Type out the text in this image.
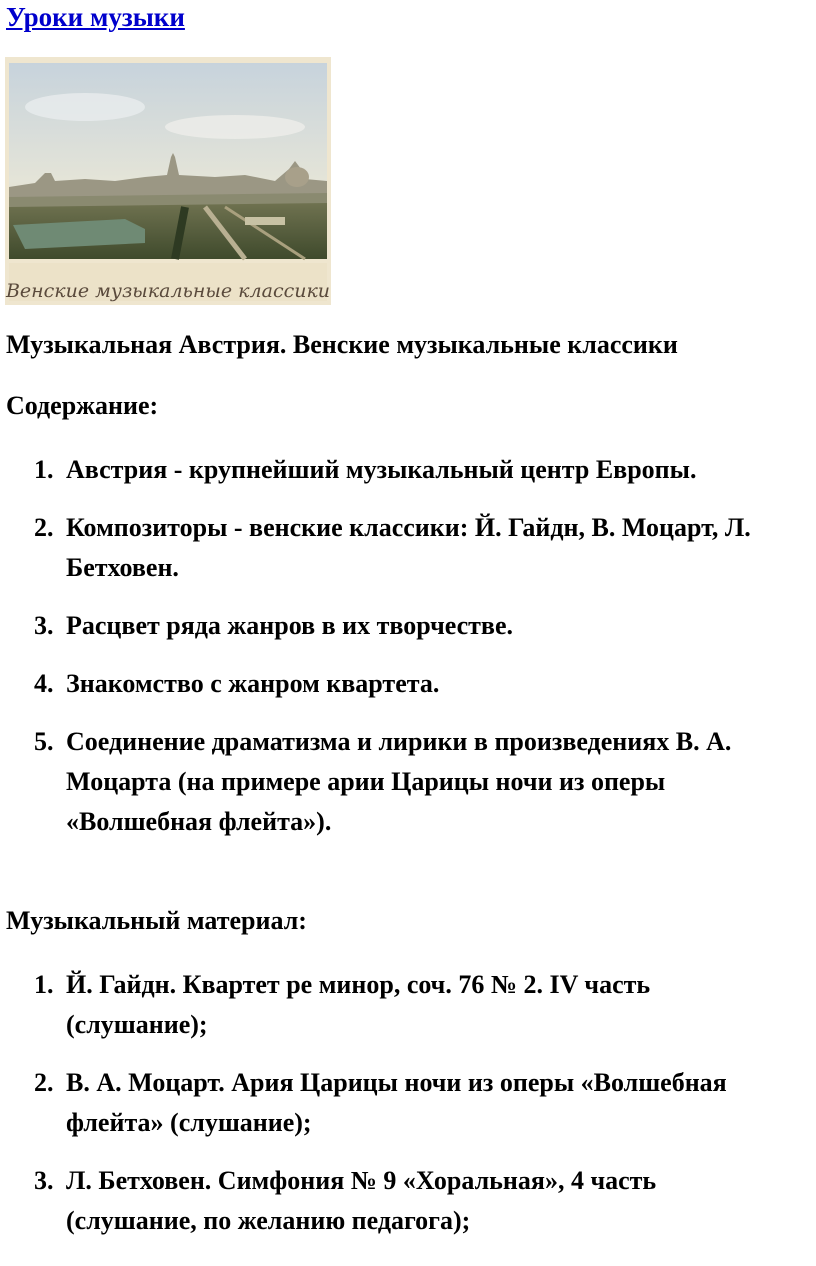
Уроки музыки
Венские музыкальные классики
Музыкальная Австрия. Венские музыкальные классики
Содержание:
1. Австрия - крупнейший музыкальный центр Европы.
2. Композиторы - венские классики: Й. Гайдн, В. Моцарт, Л. Бетховен.
3. Расцвет ряда жанров в их творчестве.
4. Знакомство с жанром квартета.
5. Соединение драматизма и лирики в произведениях В. А. Моцарта (на примере арии Царицы ночи из оперы «Волшебная флейта»).
Музыкальный материал:
1. Й. Гайдн. Квартет ре минор, соч. 76 № 2. IV часть (слушание);
2. В. А. Моцарт. Ария Царицы ночи из оперы «Волшебная флейта» (слушание);
3. Л. Бетховен. Симфония № 9 «Хоральная», 4 часть (слушание, по желанию педагога);
